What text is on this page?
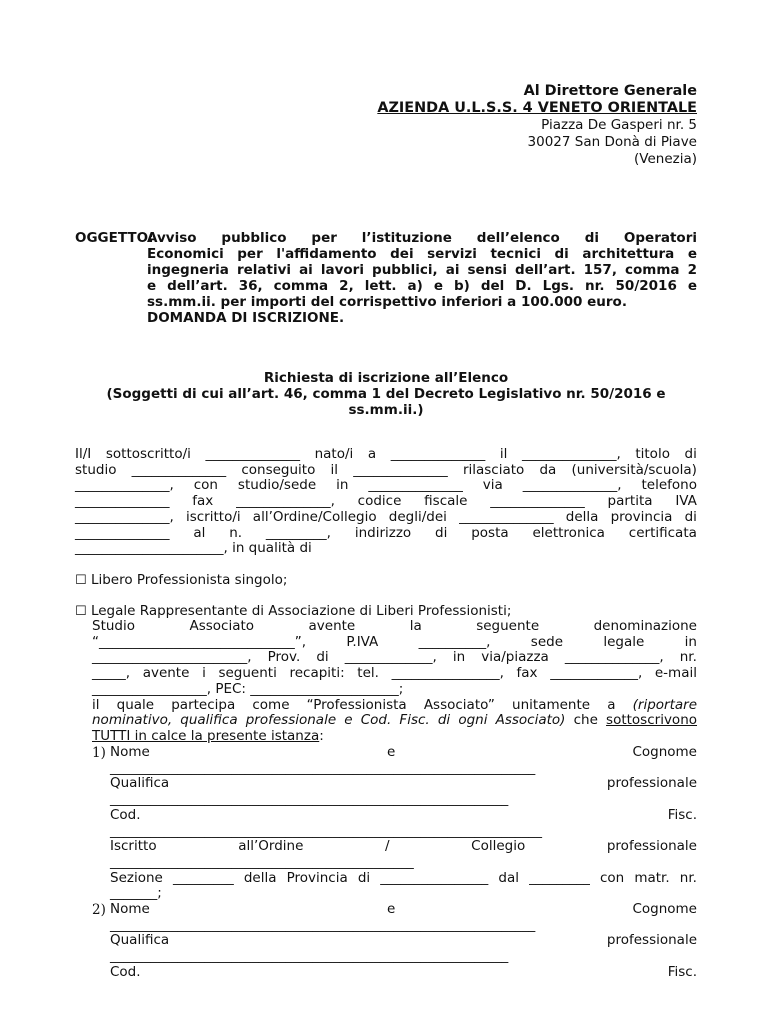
Al Direttore Generale
AZIENDA U.L.S.S. 4 VENETO ORIENTALE
Piazza De Gasperi nr. 5
30027 San Donà di Piave
(Venezia)
OGGETTO:
Avviso pubblico per l’istituzione dell’elenco di Operatori
Economici per l'affidamento dei servizi tecnici di architettura e
ingegneria relativi ai lavori pubblici, ai sensi dell’art. 157, comma 2
e dell’art. 36, comma 2, lett. a) e b) del D. Lgs. nr. 50/2016 e
ss.mm.ii. per importi del corrispettivo inferiori a 100.000 euro.
DOMANDA DI ISCRIZIONE.
Richiesta di iscrizione all’Elenco
(Soggetti di cui all’art. 46, comma 1 del Decreto Legislativo nr. 50/2016 e
ss.mm.ii.)
Il/I sottoscritto/i ______________ nato/i a ______________ il ______________, titolo di
studio ______________ conseguito il ______________ rilasciato da (università/scuola)
______________, con studio/sede in ______________ via ______________, telefono
______________ fax ______________, codice fiscale ______________ partita IVA
______________, iscritto/i all’Ordine/Collegio degli/dei ______________ della provincia di
______________ al n. _________, indirizzo di posta elettronica certificata
______________________, in qualità di
☐ Libero Professionista singolo;
☐ Legale Rappresentante di Associazione di Liberi Professionisti;
Studio	Associato	avente	la	seguente	denominazione
“_____________________________”,	P.IVA	__________,	sede	legale	in
_______________________, Prov. di _____________, in via/piazza ______________, nr.
_____, avente i seguenti recapiti: tel. ________________, fax _____________, e-mail
_________________, PEC: ______________________;
il quale partecipa come “Professionista Associato” unitamente a (riportare
nominativo, qualifica professionale e Cod. Fisc. di ogni Associato) che sottoscrivono
TUTTI in calce la presente istanza:
1) Nome	e	Cognome
_______________________________________________________________
Qualifica	professionale
___________________________________________________________
Cod.	Fisc.
________________________________________________________________
Iscritto	all’Ordine	/	Collegio	professionale
_____________________________________________
Sezione _________ della Provincia di ________________ dal _________ con matr. nr.
_______;
2) Nome	e	Cognome
_______________________________________________________________
Qualifica	professionale
___________________________________________________________
Cod.	Fisc.
